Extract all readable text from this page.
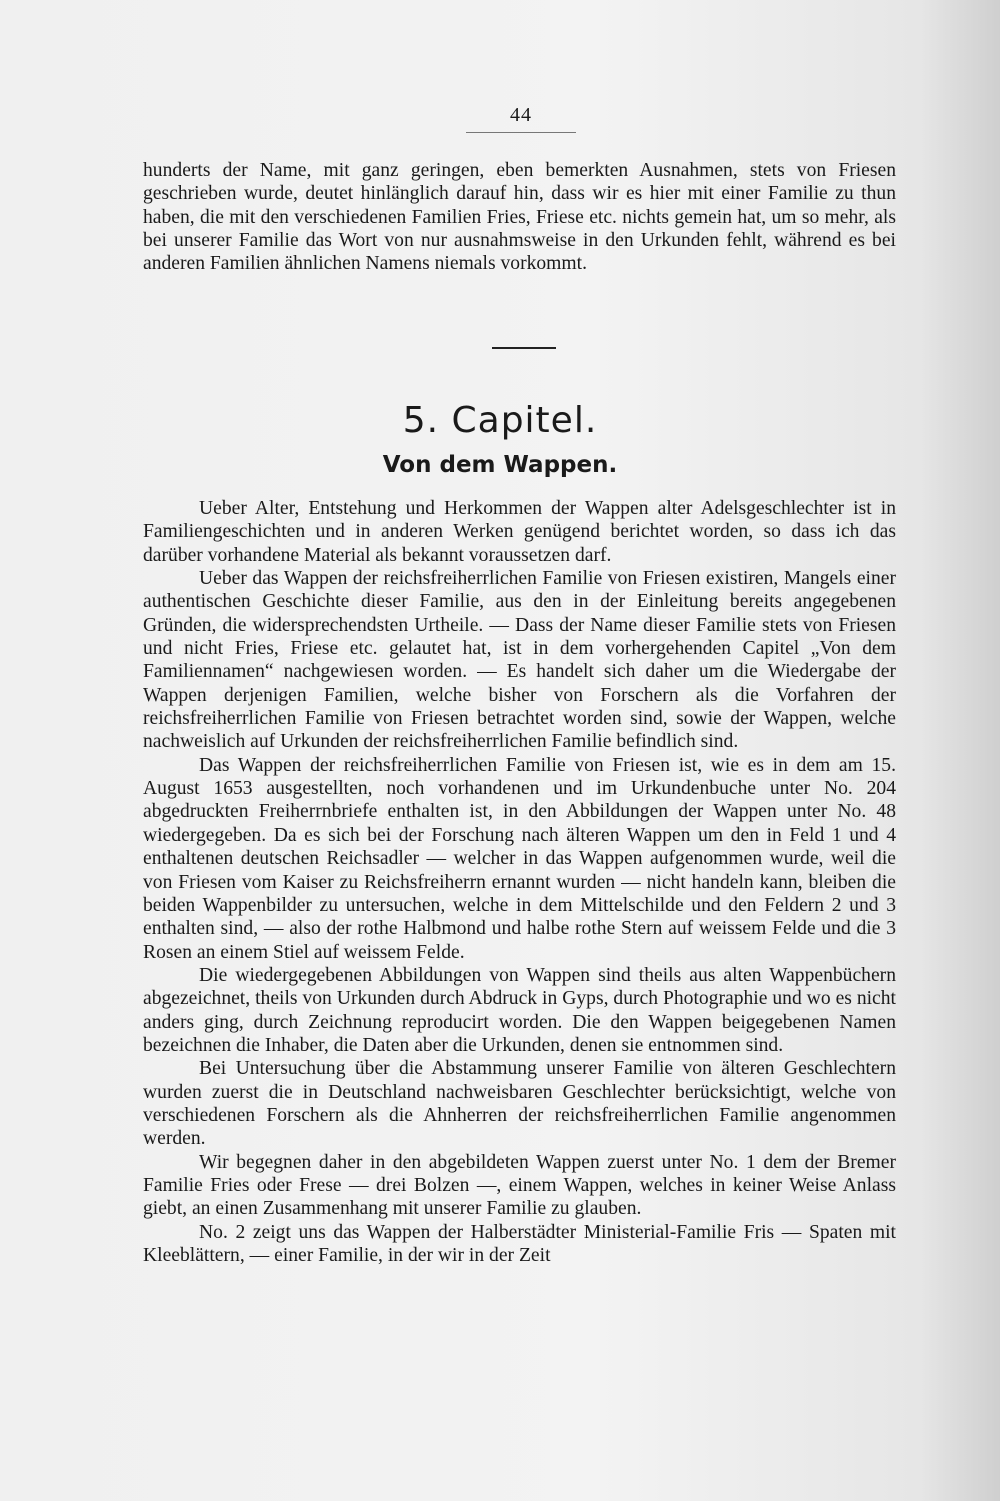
44

hunderts der Name, mit ganz geringen, eben bemerkten Ausnahmen, stets von Friesen geschrieben wurde, deutet hinlänglich darauf hin, dass wir es hier mit einer Familie zu thun haben, die mit den verschiedenen Familien Fries, Friese etc. nichts gemein hat, um so mehr, als bei unserer Familie das Wort von nur ausnahmsweise in den Urkunden fehlt, während es bei anderen Familien ähnlichen Namens niemals vorkommt.

5. Capitel.
Von dem Wappen.

Ueber Alter, Entstehung und Herkommen der Wappen alter Adelsgeschlechter ist in Familiengeschichten und in anderen Werken genügend berichtet worden, so dass ich das darüber vorhandene Material als bekannt voraussetzen darf.

Ueber das Wappen der reichsfreiherrlichen Familie von Friesen existiren, Mangels einer authentischen Geschichte dieser Familie, aus den in der Einleitung bereits angegebenen Gründen, die widersprechendsten Urtheile. — Dass der Name dieser Familie stets von Friesen und nicht Fries, Friese etc. gelautet hat, ist in dem vorhergehenden Capitel „Von dem Familiennamen“ nachgewiesen worden. — Es handelt sich daher um die Wiedergabe der Wappen derjenigen Familien, welche bisher von Forschern als die Vorfahren der reichsfreiherrlichen Familie von Friesen betrachtet worden sind, sowie der Wappen, welche nachweislich auf Urkunden der reichsfreiherrlichen Familie befindlich sind.

Das Wappen der reichsfreiherrlichen Familie von Friesen ist, wie es in dem am 15. August 1653 ausgestellten, noch vorhandenen und im Urkundenbuche unter No. 204 abgedruckten Freiherrnbriefe enthalten ist, in den Abbildungen der Wappen unter No. 48 wiedergegeben. Da es sich bei der Forschung nach älteren Wappen um den in Feld 1 und 4 enthaltenen deutschen Reichsadler — welcher in das Wappen aufgenommen wurde, weil die von Friesen vom Kaiser zu Reichsfreiherrn ernannt wurden — nicht handeln kann, bleiben die beiden Wappenbilder zu untersuchen, welche in dem Mittelschilde und den Feldern 2 und 3 enthalten sind, — also der rothe Halbmond und halbe rothe Stern auf weissem Felde und die 3 Rosen an einem Stiel auf weissem Felde.

Die wiedergegebenen Abbildungen von Wappen sind theils aus alten Wappenbüchern abgezeichnet, theils von Urkunden durch Abdruck in Gyps, durch Photographie und wo es nicht anders ging, durch Zeichnung reproducirt worden. Die den Wappen beigegebenen Namen bezeichnen die Inhaber, die Daten aber die Urkunden, denen sie entnommen sind.

Bei Untersuchung über die Abstammung unserer Familie von älteren Geschlechtern wurden zuerst die in Deutschland nachweisbaren Geschlechter berücksichtigt, welche von verschiedenen Forschern als die Ahnherren der reichsfreiherrlichen Familie angenommen werden.

Wir begegnen daher in den abgebildeten Wappen zuerst unter No. 1 dem der Bremer Familie Fries oder Frese — drei Bolzen —, einem Wappen, welches in keiner Weise Anlass giebt, an einen Zusammenhang mit unserer Familie zu glauben.

No. 2 zeigt uns das Wappen der Halberstädter Ministerial-Familie Fris — Spaten mit Kleeblättern, — einer Familie, in der wir in der Zeit
